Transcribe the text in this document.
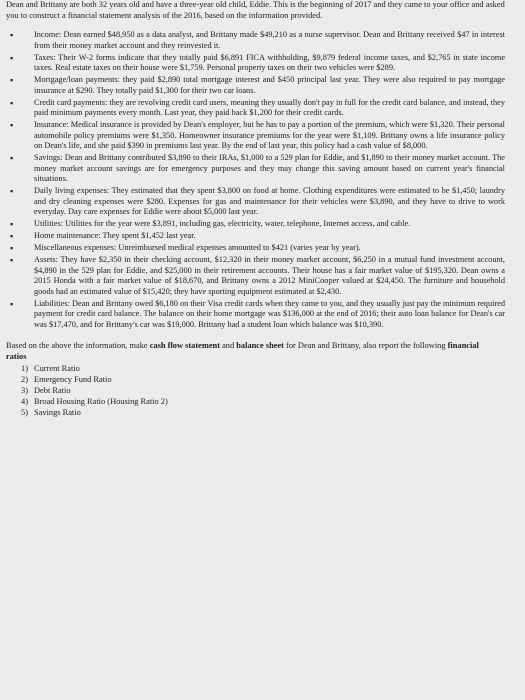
Dean and Brittany are both 32 years old and have a three-year old child, Eddie. This is the beginning of 2017 and they came to your office and asked you to construct a financial statement analysis of the 2016, based on the information provided.

▪	Income: Dean earned $48,950 as a data analyst, and Brittany made $49,210 as a nurse supervisor. Dean and Brittany received $47 in interest from their money market account and they reinvested it.
▪	Taxes: Their W-2 forms indicate that they totally paid $6,891 FICA withholding, $9,879 federal income taxes, and $2,765 in state income taxes. Real estate taxes on their house were $1,759. Personal property taxes on their two vehicles were $289.
▪	Mortgage/loan payments: they paid $2,890 total mortgage interest and $450 principal last year. They were also required to pay mortgage insurance at $290. They totally paid $1,300 for their two car loans.
▪	Credit card payments: they are revolving credit card users, meaning they usually don't pay in full for the credit card balance, and instead, they paid minimum payments every month. Last year, they paid back $1,200 for their credit cards.
▪	Insurance: Medical insurance is provided by Dean's employer, but he has to pay a portion of the premium, which were $1,320. Their personal automobile policy premiums were $1,350. Homeowner insurance premiums for the year were $1,109. Brittany owns a life insurance policy on Dean's life, and she paid $390 in premiums last year. By the end of last year, this policy had a cash value of $8,000.
▪	Savings: Dean and Brittany contributed $3,890 to their IRAs, $1,000 to a 529 plan for Eddie, and $1,890 to their money market account. The money market account savings are for emergency purposes and they may change this saving amount based on current year's financial situations.
▪	Daily living expenses: They estimated that they spent $3,800 on food at home. Clothing expenditures were estimated to be $1,450; laundry and dry cleaning expenses were $280. Expenses for gas and maintenance for their vehicles were $3,890, and they have to drive to work everyday. Day care expenses for Eddie were about $5,000 last year.
▪	Utilities: Utilities for the year were $3,891, including gas, electricity, water, telephone, Internet access, and cable.
▪	Home maintenance: They spent $1,452 last year.
▪	Miscellaneous expenses: Unreimbursed medical expenses amounted to $421 (varies year by year).
▪	Assets: They have $2,350 in their checking account, $12,320 in their money market account, $6,250 in a mutual fund investment account, $4,890 in the 529 plan for Eddie, and $25,000 in their retirement accounts. Their house has a fair market value of $195,320. Dean owns a 2015 Honda with a fair market value of $18,670, and Brittany owns a 2012 MiniCooper valued at $24,450. The furniture and household goods had an estimated value of $15,420; they have sporting equipment estimated at $2,430.
▪	Liabilities: Dean and Brittany owed $6,180 on their Visa credit cards when they came to you, and they usually just pay the minimum required payment for credit card balance. The balance on their home mortgage was $136,000 at the end of 2016; their auto loan balance for Dean's car was $17,470, and for Brittany's car was $19,000. Brittany had a student loan which balance was $10,390.

Based on the above the information, make cash flow statement and balance sheet for Dean and Brittany, also report the following financial ratios

1) Current Ratio
2) Emergency Fund Ratio
3) Debt Ratio
4) Broad Housing Ratio (Housing Ratio 2)
5) Savings Ratio
